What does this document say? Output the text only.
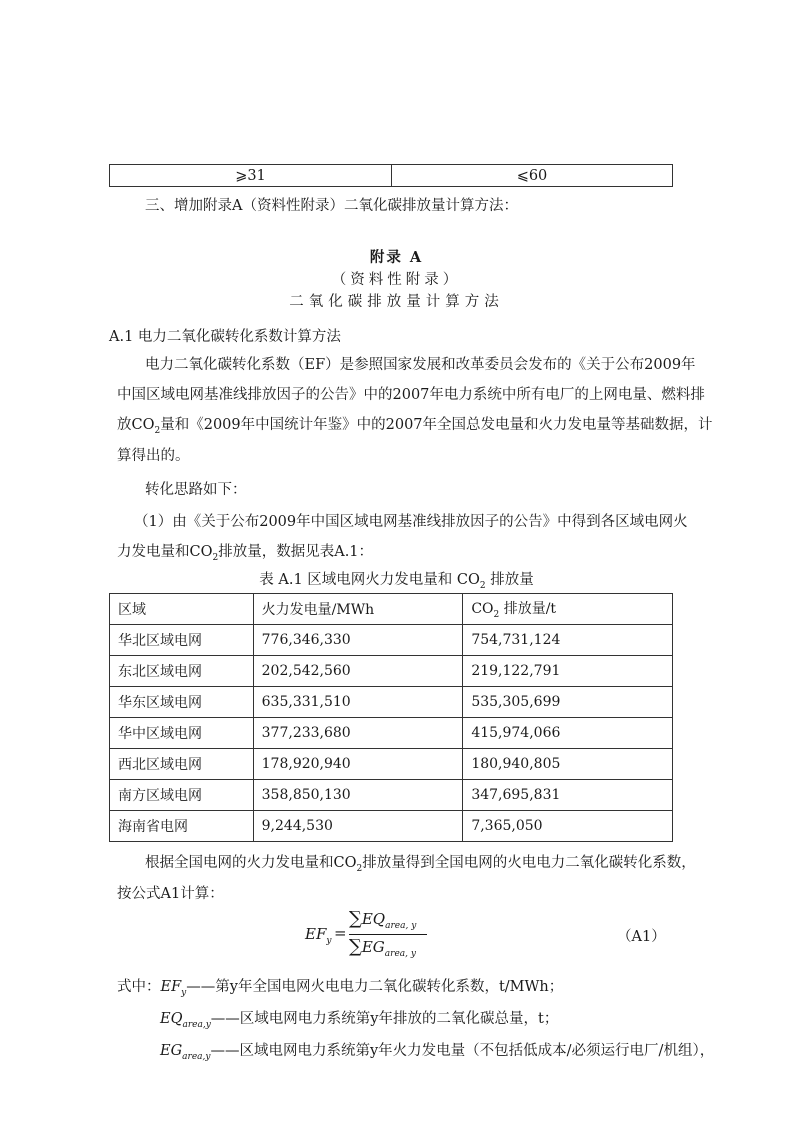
⩾31	⩽60
三、增加附录A（资料性附录）二氧化碳排放量计算方法：
附录 A
（资料性附录）
二氧化碳排放量计算方法
A.1 电力二氧化碳转化系数计算方法
电力二氧化碳转化系数（EF）是参照国家发展和改革委员会发布的《关于公布2009年
中国区域电网基准线排放因子的公告》中的2007年电力系统中所有电厂的上网电量、燃料排
放$CO_2$量和《2009年中国统计年鉴》中的2007年全国总发电量和火力发电量等基础数据，计
算得出的。
转化思路如下：
（1）由《关于公布2009年中国区域电网基准线排放因子的公告》中得到各区域电网火
力发电量和$CO_2$排放量，数据见表A.1：
表 A.1 区域电网火力发电量和 $CO_2$ 排放量
区域	火力发电量/MWh	$CO_2$ 排放量/t
华北区域电网	776,346,330	754,731,124
东北区域电网	202,542,560	219,122,791
华东区域电网	635,331,510	535,305,699
华中区域电网	377,233,680	415,974,066
西北区域电网	178,920,940	180,940,805
南方区域电网	358,850,130	347,695,831
海南省电网	9,244,530	7,365,050
根据全国电网的火力发电量和$CO_2$排放量得到全国电网的火电电力二氧化碳转化系数，
按公式A1计算：
$EF_y$ =
$\sum EQ_{area, y}$
$\sum EG_{area, y}$
（A1）
式中：$EF_y——$第y年全国电网火电电力二氧化碳转化系数，t/MWh；
$EQ_{area,y}——$区域电网电力系统第y年排放的二氧化碳总量，t；
$EG_{area,y}——$区域电网电力系统第y年火力发电量（不包括低成本/必须运行电厂/机组），
